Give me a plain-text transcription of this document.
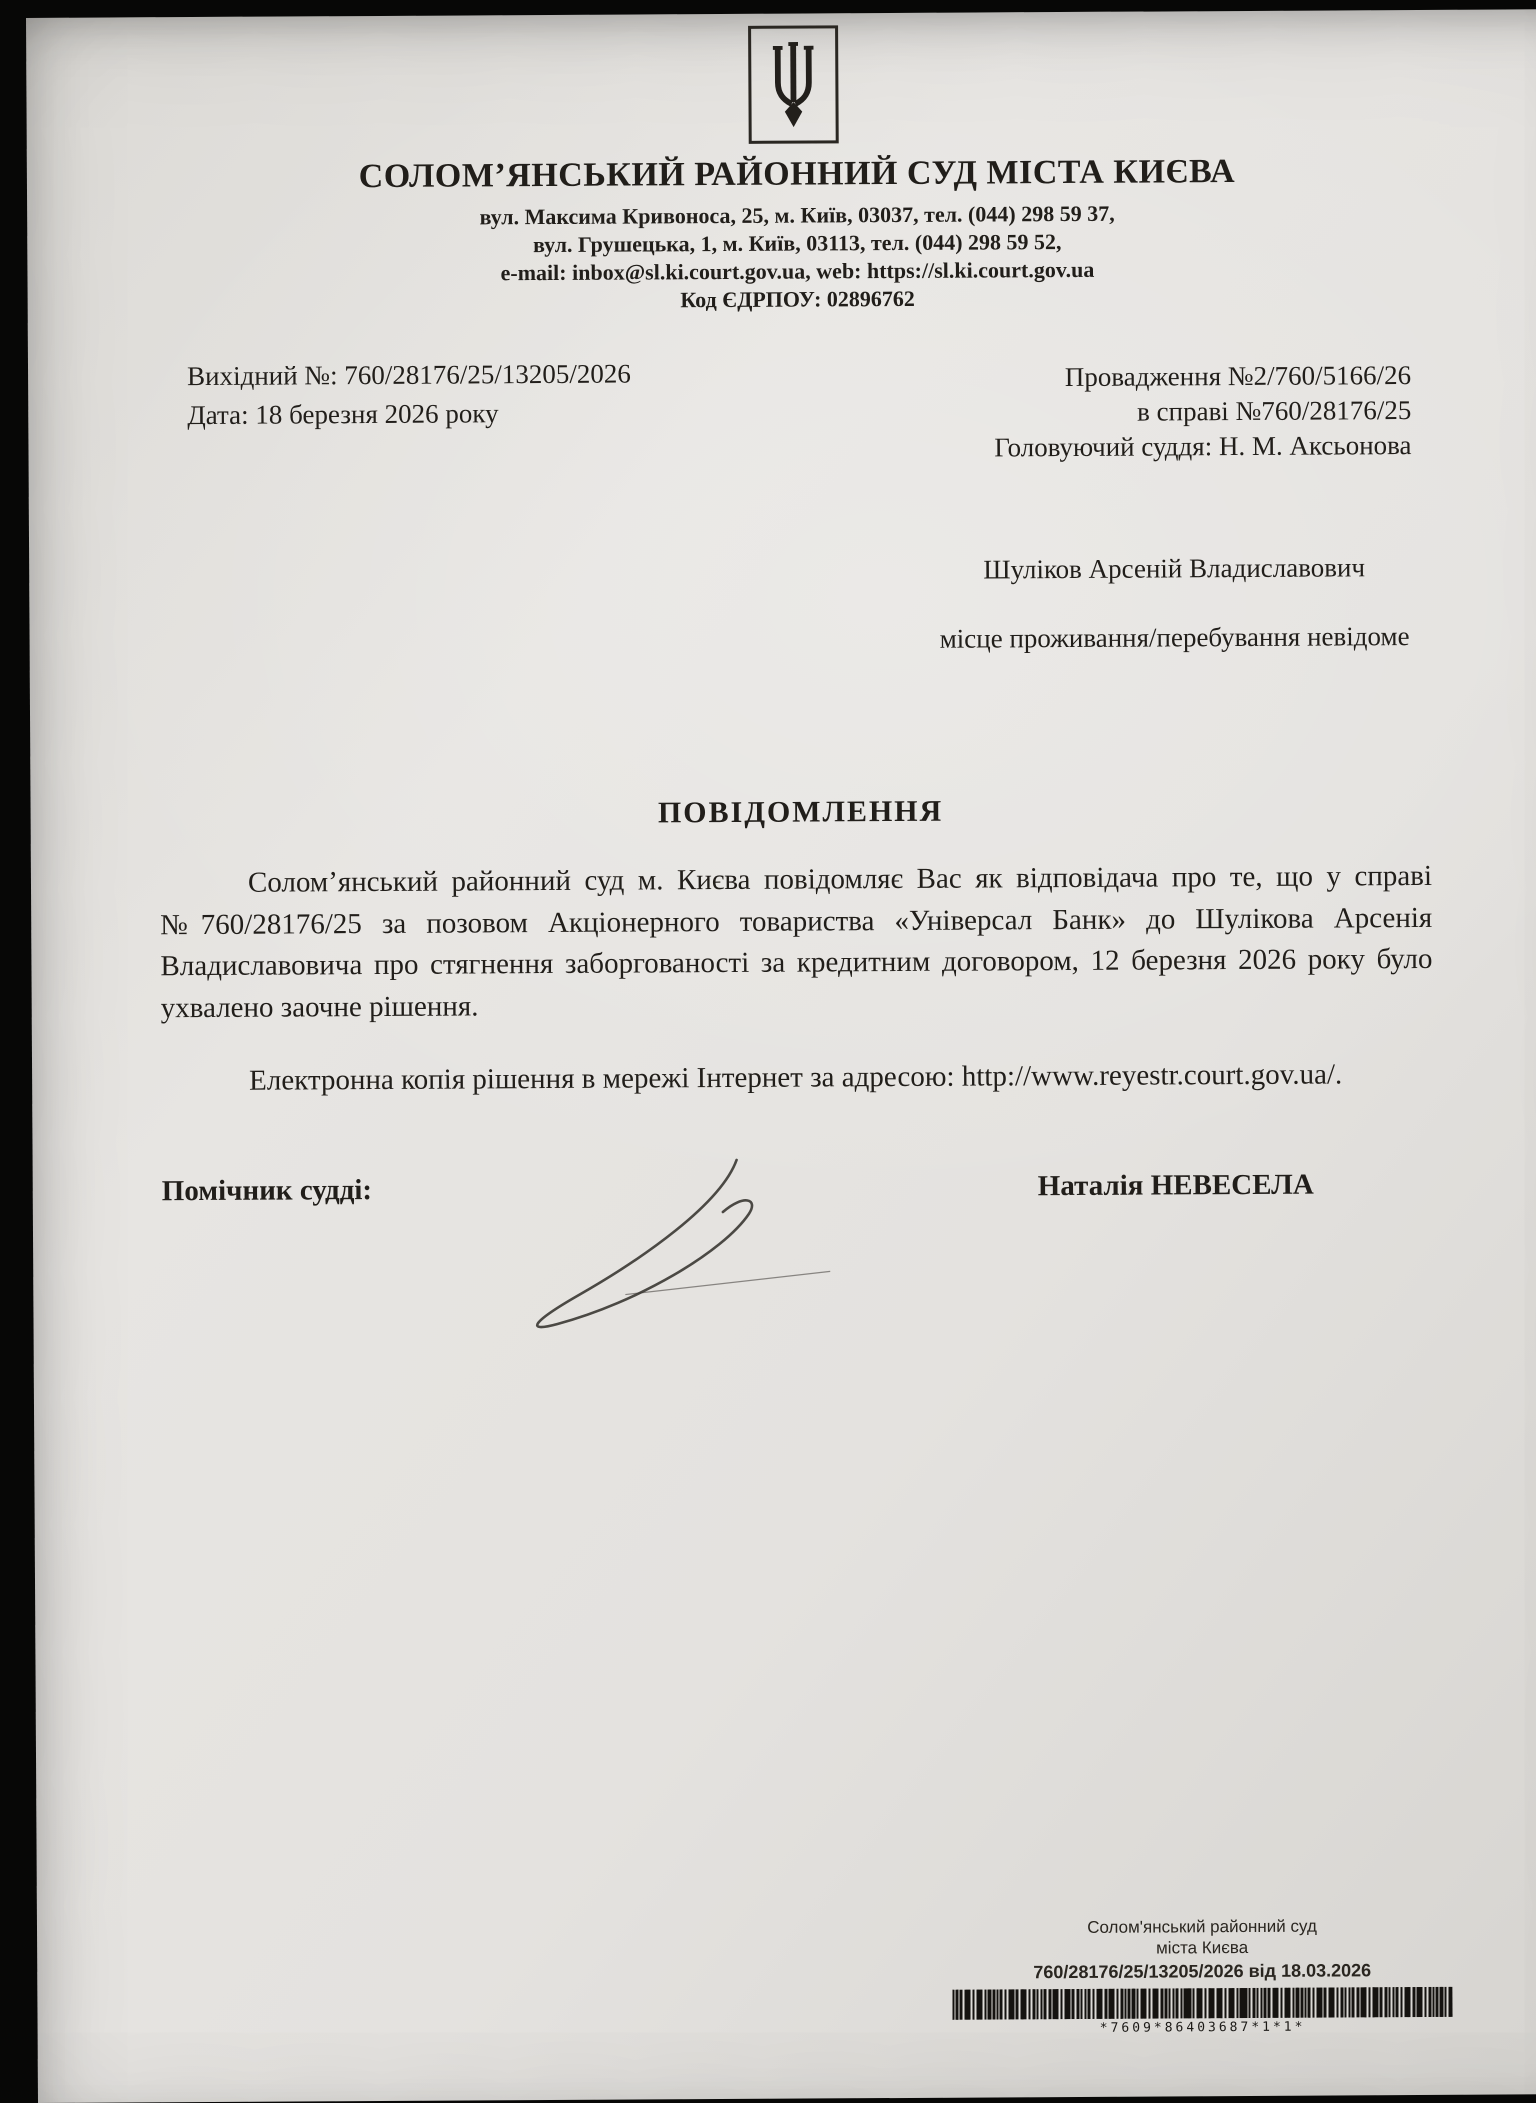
СОЛОМ’ЯНСЬКИЙ РАЙОННИЙ СУД МІСТА КИЄВА
вул. Максима Кривоноса, 25, м. Київ, 03037, тел. (044) 298 59 37,
вул. Грушецька, 1, м. Київ, 03113, тел. (044) 298 59 52,
e-mail: inbox@sl.ki.court.gov.ua, web: https://sl.ki.court.gov.ua
Код ЄДРПОУ: 02896762
Вихідний №: 760/28176/25/13205/2026
Дата: 18 березня 2026 року
Провадження №2/760/5166/26
в справі №760/28176/25
Головуючий суддя: Н. М. Аксьонова
Шуліков Арсеній Владиславович
місце проживання/перебування невідоме
ПОВІДОМЛЕННЯ
Солом’янський районний суд м. Києва повідомляє Вас як відповідача про те, що у справі №760/28176/25 за позовом Акціонерного товариства «Універсал Банк» до Шулікова Арсенія Владиславовича про стягнення заборгованості за кредитним договором, 12 березня 2026 року було ухвалено заочне рішення.
Електронна копія рішення в мережі Інтернет за адресою: http://www.reyestr.court.gov.ua/.
Помічник судді:	Наталія НЕВЕСЕЛА
Солом'янський районний суд
міста Києва
760/28176/25/13205/2026 від 18.03.2026
*7609*86403687*1*1*
